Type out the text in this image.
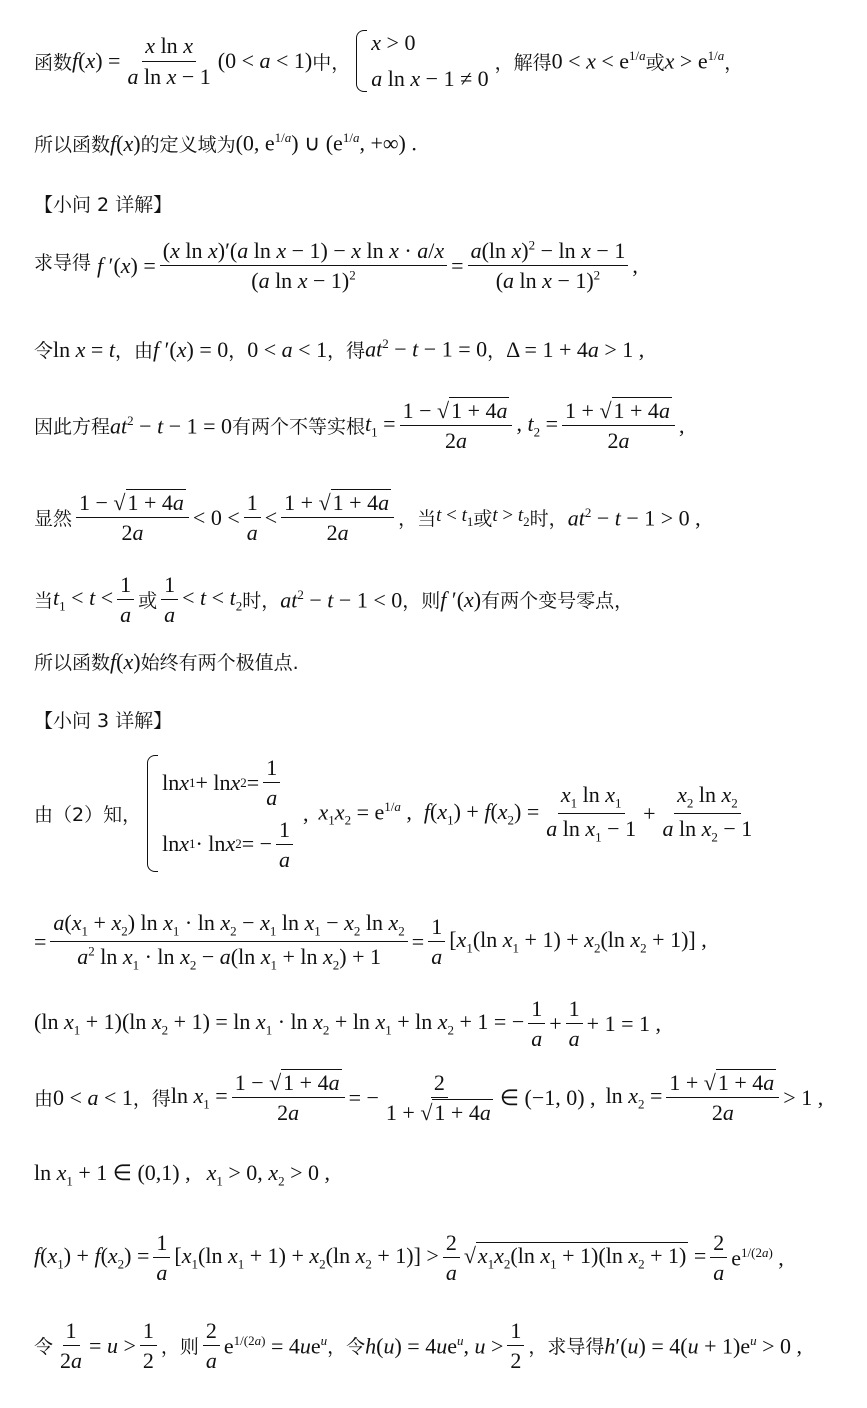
函数 $f(x) = \frac{\text{x ln x}}{\text{a ln x − 1}} (0 < a < 1)$ 中，
x > 0
a ln x − 1 ≠ 0
，解得 $0 < x < e^{1/a}$ 或 $x > e^{1/a}$ ，
所以函数 f(x) 的定义域为 (0, $e^{1/a}$) ∪ ($e^{1/a}$, +∞) .
【小问 2 详解】
求导得 f $'(x) = \frac{\text{(x ln x)′(a ln x − 1) − x ln x · a/x}}{(a \ln x - 1)^2} = \frac{a(\ln x)^2 - \ln x - 1}{(a \ln x - 1)^2}$ ,
令 ln x = t ，由 f ′(x) = 0 ， 0 < a < 1 ，得 $at^2 - t - 1 = 0$ ， Δ = 1 + 4a > 1 ,
因此方程 $at^2 - t - 1 = 0$ 有两个不等实根 $t_1 = \frac{1 - √1 + 4a}{2a}$ , $t_2 = \frac{1 + √1 + 4a}{2a}$ ,
显然 $\frac{1 - √1 + 4a}{2a} < 0 < \frac{1}{a} < \frac{1 + √1 + 4a}{2a}$ ，当 $t < t_1$ 或 $t > t_2$ 时， $at^2 - t - 1 > 0$ ,
当 $t_1 < t < \frac{1}{a}$ 或 $\frac{1}{a} < t < t_2$ 时， $at^2 - t - 1 < 0$ ，则 f ′(x) 有两个变号零点，
所以函数 f(x) 始终有两个极值点.
【小问 3 详解】
由（2）知，
ln x 1 + ln x $2 = \frac{1}{a}$
ln x 1 · ln x 2 = − $\frac{1}{a}$
, $x_1x_2 = e^{1/a}$ , $f(x_1) + f(x_2) = \frac{x_1 \ln x_1}{a \ln x_1 - 1} + \frac{x_2 \ln x_2}{a \ln x_2 - 1}$
= $\frac{a(x_1 + x_2) \ln x_1 \cdot \ln x_2 - x_1 \ln x_1 - x_2 \ln x_2}{a^2 \ln x_1 \cdot \ln x_2 - a(\ln x_1 + \ln x_2) + 1} = \frac{1}{a} [x_1(\ln$ $x_1 + 1) + x_2(\ln$ $x_2 + 1$)] ,
(ln $x_1 + 1)(\ln$ $x_2 + 1) = \ln x_1 \cdot \ln x_2 + \ln x_1 + \ln x_2 + 1$ = − $\frac{1}{a} + \frac{1}{a} + 1 = 1$ ,
由 0 < a < 1 ，得 $\ln x_1 = \frac{1 - √1 + 4a}{2a}$ = − $\frac{2}{1 + √1 + 4a}$ ∈ (−1, 0) , $\ln x_2 = \frac{1 + √1 + 4a}{2a} > 1$ ,
$\ln x_1 + 1$ ∈ (0,1) , $x_1 > 0$, $x_2 > 0$ ,
$f(x_1) + f(x_2) = \frac{1}{a} [x_1(\ln$ $x_1 + 1) + x_2(\ln$ $x_2 + 1)] > \frac{2}{a} √x_1x_2(\ln$ $x_1 + 1)(\ln$ $x_2 + 1) = \frac{2}{a} e^{1/(2a)}$ ,
令 $\frac{1}{2a} = u > \frac{1}{2}$ ，则 $\frac{2}{a} e^{1/(2a)} = 4ue^u$ ，令 $h(u) = 4ue^u$, $u > \frac{1}{2}$ ，求导得 $h'(u) = 4(u + 1)e^u > 0$ ,
